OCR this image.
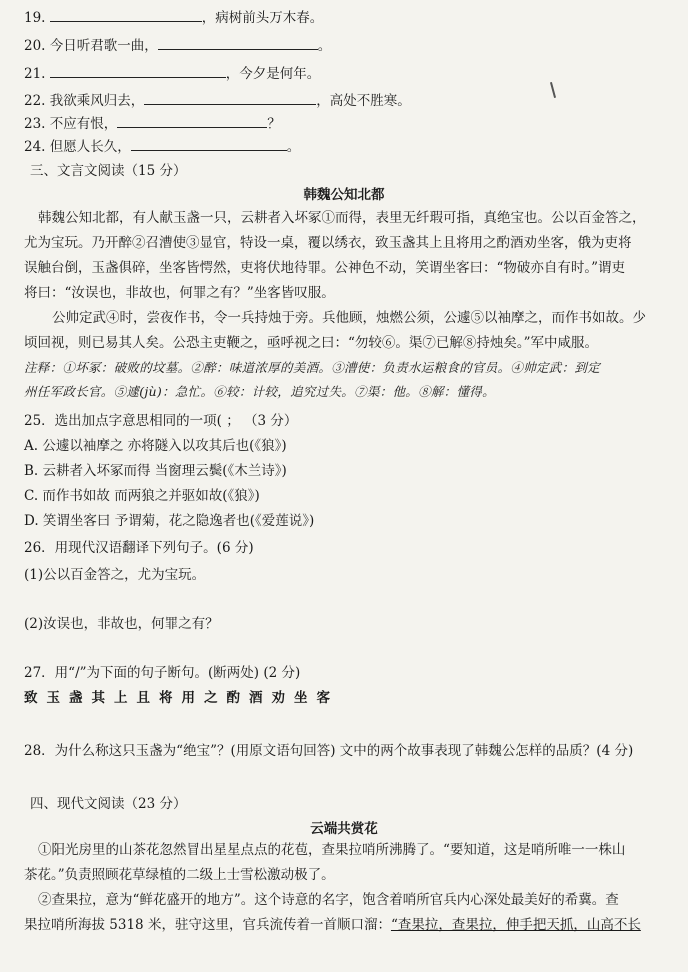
19.	，病树前头万木春。
20. 今日听君歌一曲，	。
21.	，今夕是何年。
22. 我欲乘风归去，	，高处不胜寒。
23. 不应有恨，	？
24. 但愿人长久，	。
三、文言文阅读（15 分）
韩魏公知北都
韩魏公知北都，有人献玉盏一只，云耕者入坏冢①而得，表里无纤瑕可指，真绝宝也。公以百金答之，
尤为宝玩。乃开醉②召漕使③显官，特设一桌，覆以绣衣，致玉盏其上且将用之酌酒劝坐客，俄为吏将
误触台倒，玉盏俱碎，坐客皆愕然，吏将伏地待罪。公神色不动，笑谓坐客曰：“物破亦自有时。”谓吏
将曰：“汝误也，非故也，何罪之有？”坐客皆叹服。
公帅定武④时，尝夜作书，令一兵持烛于旁。兵他顾，烛燃公须，公遽⑤以袖摩之，而作书如故。少
顷回视，则已易其人矣。公恐主吏鞭之，亟呼视之曰：“勿较⑥。渠⑦已解⑧持烛矣。”军中咸服。
注释：①坏冢：破败的坟墓。②醉：味道浓厚的美酒。③漕使：负责水运粮食的官员。④帅定武：到定
州任军政长官。⑤遽(jù)：急忙。⑥较：计较，追究过失。⑦渠：他。⑧解：懂得。
25．选出加点字意思相同的一项( ； （3 分）
A. 公遽以袖摩之 亦将隧入以攻其后也(《狼》)
B. 云耕者入坏冢而得 当窗理云鬓(《木兰诗》)
C. 而作书如故 而两狼之并驱如故(《狼》)
D. 笑谓坐客曰 予谓菊，花之隐逸者也(《爱莲说》)
26．用现代汉语翻译下列句子。(6 分)
(1)公以百金答之，尤为宝玩。
(2)汝误也，非故也，何罪之有？
27．用“/”为下面的句子断句。(断两处) (2 分)
致玉盏其上且将用之酌酒劝坐客
28．为什么称这只玉盏为“绝宝”？(用原文语句回答) 文中的两个故事表现了韩魏公怎样的品质？(4 分)
四、现代文阅读（23 分）
云端共赏花
①阳光房里的山茶花忽然冒出星星点点的花苞，查果拉哨所沸腾了。“要知道，这是哨所唯一一株山
茶花。”负责照顾花草绿植的二级上士雪松激动极了。
②查果拉，意为“鲜花盛开的地方”。这个诗意的名字，饱含着哨所官兵内心深处最美好的希冀。查
果拉哨所海拔 5318 米，驻守这里，官兵流传着一首顺口溜：“查果拉，查果拉，伸手把天抓，山高不长
